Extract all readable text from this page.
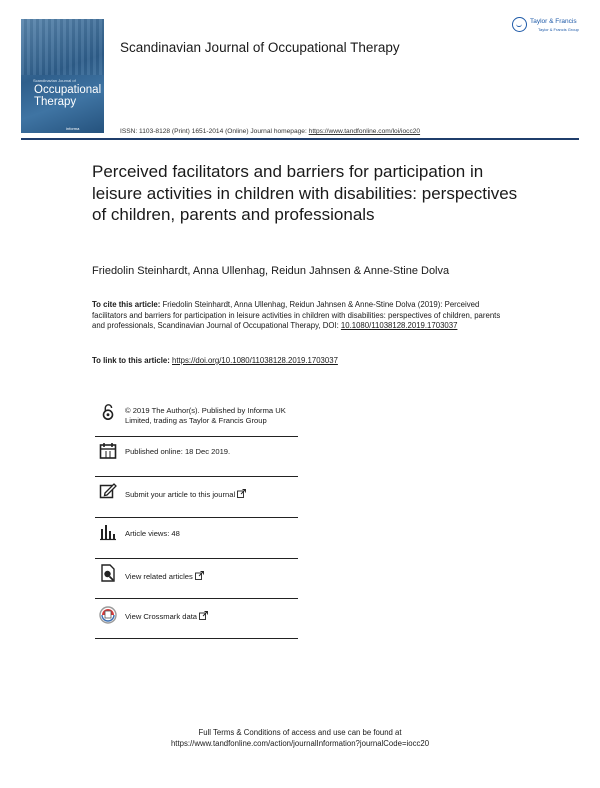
Scandinavian Journal of
Occupational
Therapy
informa
Scandinavian Journal of Occupational Therapy
ISSN: 1103-8128 (Print) 1651-2014 (Online) Journal homepage: https://www.tandfonline.com/loi/iocc20
Taylor & Francis
Taylor & Francis Group
Perceived facilitators and barriers for participation in leisure activities in children with disabilities: perspectives of children, parents and professionals
Friedolin Steinhardt, Anna Ullenhag, Reidun Jahnsen & Anne-Stine Dolva
To cite this article: Friedolin Steinhardt, Anna Ullenhag, Reidun Jahnsen & Anne-Stine Dolva (2019): Perceived facilitators and barriers for participation in leisure activities in children with disabilities: perspectives of children, parents and professionals, Scandinavian Journal of Occupational Therapy, DOI: 10.1080/11038128.2019.1703037
To link to this article: https://doi.org/10.1080/11038128.2019.1703037
© 2019 The Author(s). Published by Informa UK Limited, trading as Taylor & Francis Group
Published online: 18 Dec 2019.
Submit your article to this journal
Article views: 48
View related articles
View Crossmark data
Full Terms & Conditions of access and use can be found at
https://www.tandfonline.com/action/journalInformation?journalCode=iocc20
